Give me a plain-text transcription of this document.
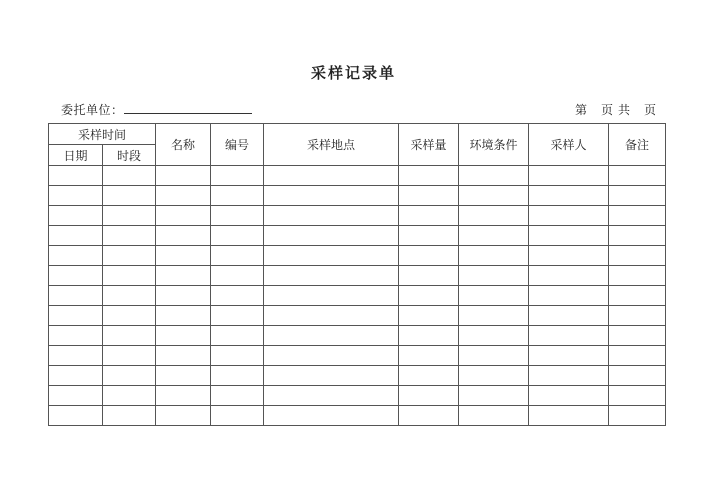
采样记录单
委托单位：	第　页 共　页
采样时间		名称	编号	采样地点	采样量	环境条件	采样人	备注
日期	时段							
